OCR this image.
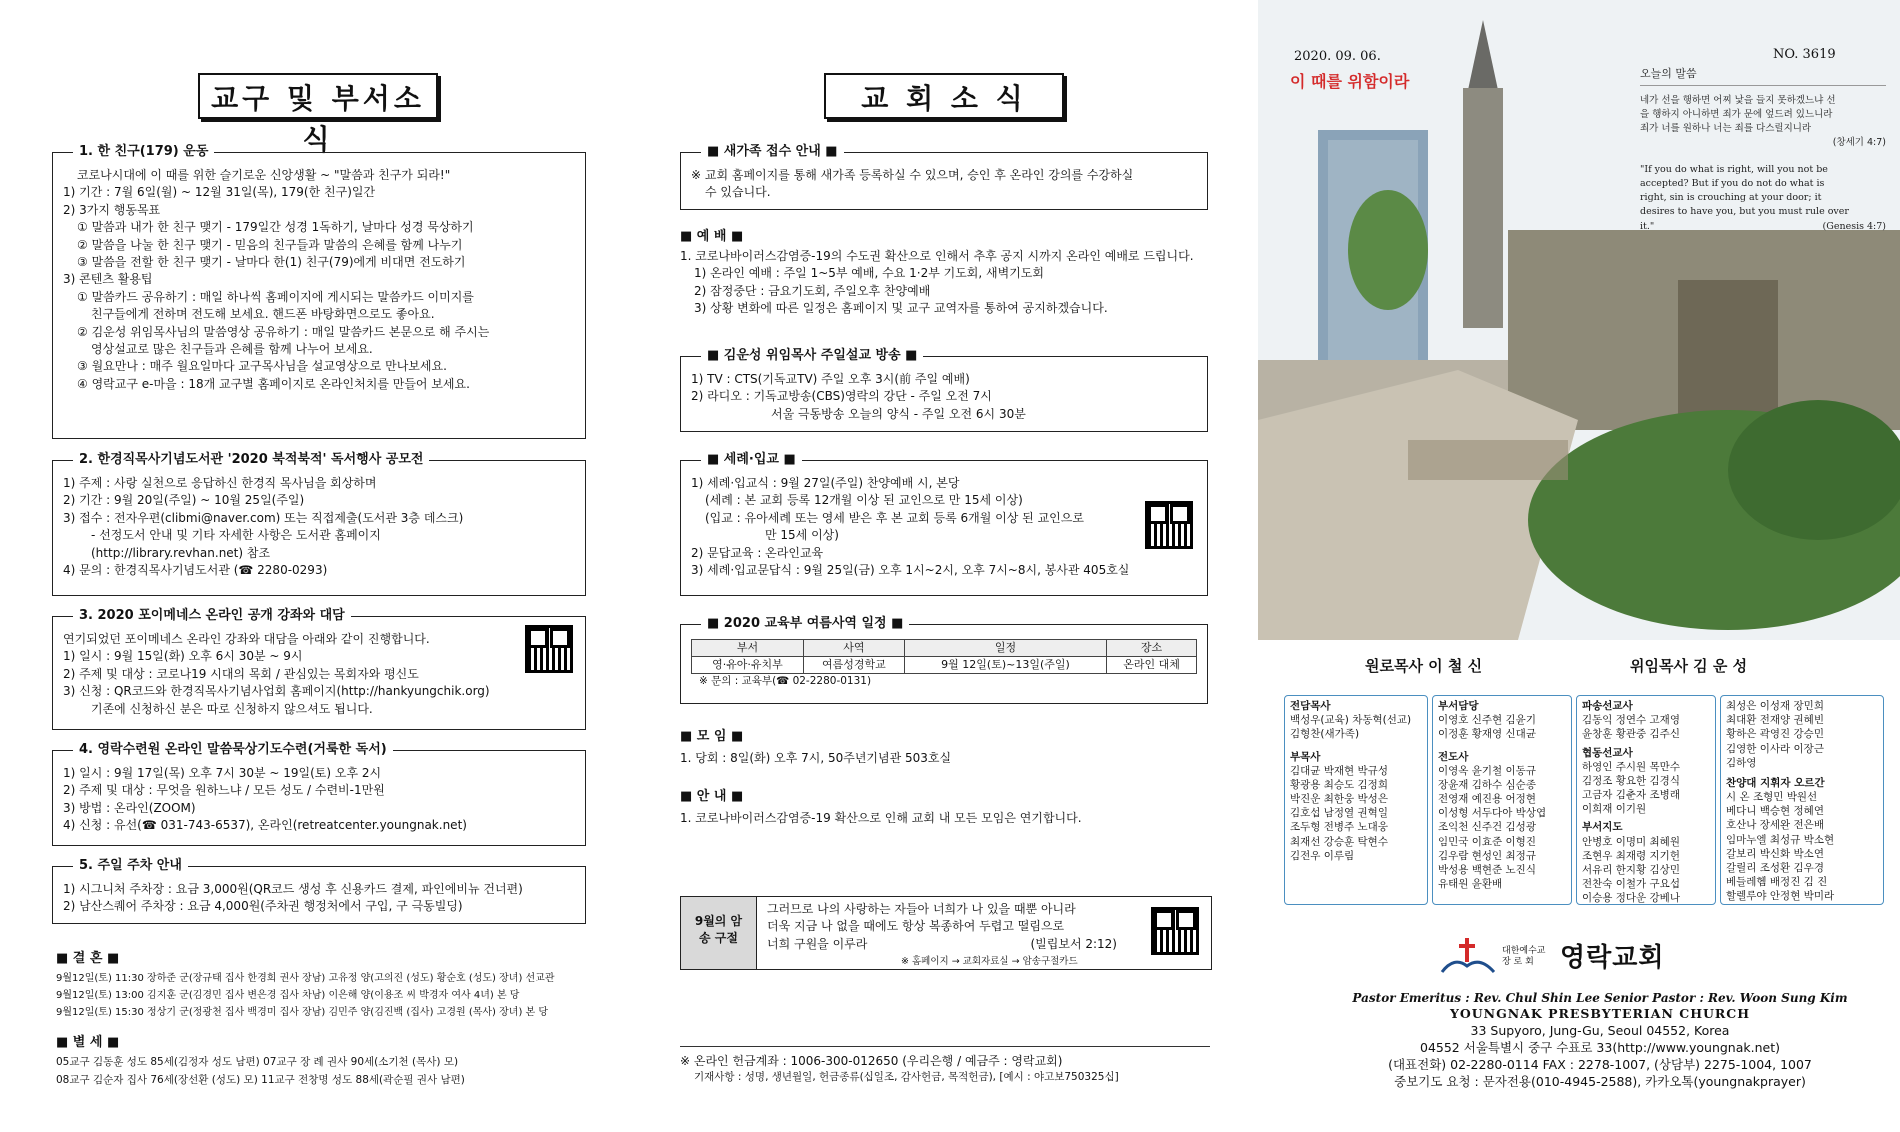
교구 및 부서소식
1. 한 친구(179) 운동
코로나시대에 이 때를 위한 슬기로운 신앙생활 ~ "말씀과 친구가 되라!"
1) 기간 : 7월 6일(월) ~ 12월 31일(목), 179(한 친구)일간
2) 3가지 행동목표
① 말씀과 내가 한 친구 맺기 - 179일간 성경 1독하기, 날마다 성경 묵상하기
② 말씀을 나눌 한 친구 맺기 - 믿음의 친구들과 말씀의 은혜를 함께 나누기
③ 말씀을 전할 한 친구 맺기 - 날마다 한(1) 친구(79)에게 비대면 전도하기
3) 콘텐츠 활용팁
① 말씀카드 공유하기 : 매일 하나씩 홈페이지에 게시되는 말씀카드 이미지를
친구들에게 전하며 전도해 보세요. 핸드폰 바탕화면으로도 좋아요.
② 김운성 위임목사님의 말씀영상 공유하기 : 매일 말씀카드 본문으로 해 주시는
영상설교로 많은 친구들과 은혜를 함께 나누어 보세요.
③ 월요만나 : 매주 월요일마다 교구목사님을 설교영상으로 만나보세요.
④ 영락교구 e-마을 : 18개 교구별 홈페이지로 온라인처치를 만들어 보세요.
2. 한경직목사기념도서관 '2020 북적북적' 독서행사 공모전
1) 주제 : 사랑 실천으로 응답하신 한경직 목사님을 회상하며
2) 기간 : 9월 20일(주일) ~ 10월 25일(주일)
3) 접수 : 전자우편(clibmi@naver.com) 또는 직접제출(도서관 3층 데스크)
- 선정도서 안내 및 기타 자세한 사항은 도서관 홈페이지
(http://library.revhan.net) 참조
4) 문의 : 한경직목사기념도서관 (☎ 2280-0293)
3. 2020 포이메네스 온라인 공개 강좌와 대담
연기되었던 포이메네스 온라인 강좌와 대담을 아래와 같이 진행합니다.
1) 일시 : 9월 15일(화) 오후 6시 30분 ~ 9시
2) 주제 및 대상 : 코로나19 시대의 목회 / 관심있는 목회자와 평신도
3) 신청 : QR코드와 한경직목사기념사업회 홈페이지(http://hankyungchik.org)
기존에 신청하신 분은 따로 신청하지 않으셔도 됩니다.
4. 영락수련원 온라인 말씀묵상기도수련(거룩한 독서)
1) 일시 : 9월 17일(목) 오후 7시 30분 ~ 19일(토) 오후 2시
2) 주제 및 대상 : 무엇을 원하느냐 / 모든 성도 / 수련비-1만원
3) 방법 : 온라인(ZOOM)
4) 신청 : 유선(☎ 031-743-6537), 온라인(retreatcenter.youngnak.net)
5. 주일 주차 안내
1) 시그니처 주차장 : 요금 3,000원(QR코드 생성 후 신용카드 결제, 파인에비뉴 건너편)
2) 남산스퀘어 주차장 : 요금 4,000원(주차권 행정처에서 구입, 구 극동빌딩)
■ 결 혼 ■
9월12일(토) 11:30 장하준 군(장규태 집사 한경희 권사 장남) 고유정 양(고의진 (성도) 황순호 (성도) 장녀) 선교관
9월12일(토) 13:00 김지훈 군(김경민 집사 변은경 집사 차남) 이은해 양(이용조 씨 박경자 여사 4녀) 본 당
9월12일(토) 15:30 정상기 군(정광천 집사 백경미 집사 장남) 김민주 양(김진백 (집사) 고경원 (목사) 장녀) 본 당
■ 별 세 ■
05교구 김동훈 성도 85세(김정자 성도 남편) 07교구 장 례 권사 90세(소기천 (목사) 모)
08교구 김순자 집사 76세(장선환 (성도) 모) 11교구 전창명 성도 88세(곽순필 권사 남편)
교 회 소 식
■ 새가족 접수 안내 ■
※ 교회 홈페이지를 통해 새가족 등록하실 수 있으며, 승인 후 온라인 강의를 수강하실
수 있습니다.
■ 예 배 ■
1. 코로나바이러스감염증-19의 수도권 확산으로 인해서 추후 공지 시까지 온라인 예배로 드립니다.
1) 온라인 예배 : 주일 1~5부 예배, 수요 1·2부 기도회, 새벽기도회
2) 잠정중단 : 금요기도회, 주일오후 찬양예배
3) 상황 변화에 따른 일정은 홈페이지 및 교구 교역자를 통하여 공지하겠습니다.
■ 김운성 위임목사 주일설교 방송 ■
1) TV : CTS(기독교TV) 주일 오후 3시(前 주일 예배)
2) 라디오 : 기독교방송(CBS)영락의 강단 - 주일 오전 7시
서울 극동방송 오늘의 양식 - 주일 오전 6시 30분
■ 세례·입교 ■
1) 세례·입교식 : 9월 27일(주일) 찬양예배 시, 본당
(세례 : 본 교회 등록 12개월 이상 된 교인으로 만 15세 이상)
(입교 : 유아세례 또는 영세 받은 후 본 교회 등록 6개월 이상 된 교인으로
만 15세 이상)
2) 문답교육 : 온라인교육
3) 세례·입교문답식 : 9월 25일(금) 오후 1시~2시, 오후 7시~8시, 봉사관 405호실
■ 2020 교육부 여름사역 일정 ■
부서	사역	일정	장소
영·유아·유치부	여름성경학교	9월 12일(토)~13일(주일)	온라인 대체
※ 문의 : 교육부(☎ 02-2280-0131)
■ 모 임 ■
1. 당회 : 8일(화) 오후 7시, 50주년기념관 503호실
■ 안 내 ■
1. 코로나바이러스감염증-19 확산으로 인해 교회 내 모든 모임은 연기합니다.
9월의 암송 구절
그러므로 나의 사랑하는 자들아 너희가 나 있을 때뿐 아니라
더욱 지금 나 없을 때에도 항상 복종하여 두렵고 떨림으로
너희 구원을 이루라	(빌립보서 2:12)
※ 홈페이지 → 교회자료실 → 암송구절카드
※ 온라인 헌금계좌 : 1006-300-012650 (우리은행 / 예금주 : 영락교회)
기재사항 : 성명, 생년월일, 헌금종류(십일조, 감사헌금, 목적헌금), [예시 : 야고보750325십]
2020. 09. 06.
이 때를 위함이라
NO. 3619
오늘의 말씀
네가 선을 행하면 어찌 낯을 들지 못하겠느냐 선
을 행하지 아니하면 죄가 문에 엎드려 있느니라
죄가 너를 원하나 너는 죄를 다스릴지니라
(창세기 4:7)
"If you do what is right, will you not be
accepted? But if you do not do what is
right, sin is crouching at your door; it
desires to have you, but you must rule over
it."	(Genesis 4:7)
원로목사 이 철 신	위임목사 김 운 성
전담목사
백성우(교육) 차동혁(선교)
김형찬(새가족)
부목사
김대균 박재현 박규성
황광용 최승도 김정희
박진운 최한웅 박성은
김호섭 남정열 권혁일
조두형 전병주 노대웅
최재선 강승훈 탁현수
김전우 이루림
부서담당
이영호 신주현 김윤기
이정훈 황재영 신대균
전도사
이영옥 윤기철 이동규
장윤재 김하수 심순종
전영재 예진용 어정현
이성형 서두다아 박상엽
조익천 신주건 김성광
임민국 이효준 이형진
김우람 현성인 최정규
박성용 백현준 노진식
유태원 윤환배
파송선교사
김동익 정연수 고재영
윤창훈 황관중 김주신
협동선교사
하영인 주시원 목만수
김정조 황요한 김경식
고금자 김춘자 조병래
이희재 이기원
부서지도
안병호 이명미 최혜원
조현우 최재령 지기헌
서유리 한지황 김상민
전찬숙 이철가 구요섭
이승용 정다운 강베나
최성은 이성재 장민희
최대환 전재양 권혜빈
황하은 곽영진 강승민
김영한 이사라 이장근
김하영
찬양대 지휘자 오르간
시 온 조형민 박원선
베다니 백승현 정혜연
호산나 장세완 전은배
임마누엘 최성규 박소현
갈보리 박신화 박소연
갈릴리 조성환 김우경
베들레헴 배정진 김 진
할렐루야 안정현 박미라
대한예수교 장 로 회	영락교회
Pastor Emeritus : Rev. Chul Shin Lee Senior Pastor : Rev. Woon Sung Kim
YOUNGNAK PRESBYTERIAN CHURCH
33 Supyoro, Jung-Gu, Seoul 04552, Korea
04552 서울특별시 중구 수표로 33(http://www.youngnak.net)
(대표전화) 02-2280-0114 FAX : 2278-1007, (상담부) 2275-1004, 1007
중보기도 요청 : 문자전용(010-4945-2588), 카카오톡(youngnakprayer)
